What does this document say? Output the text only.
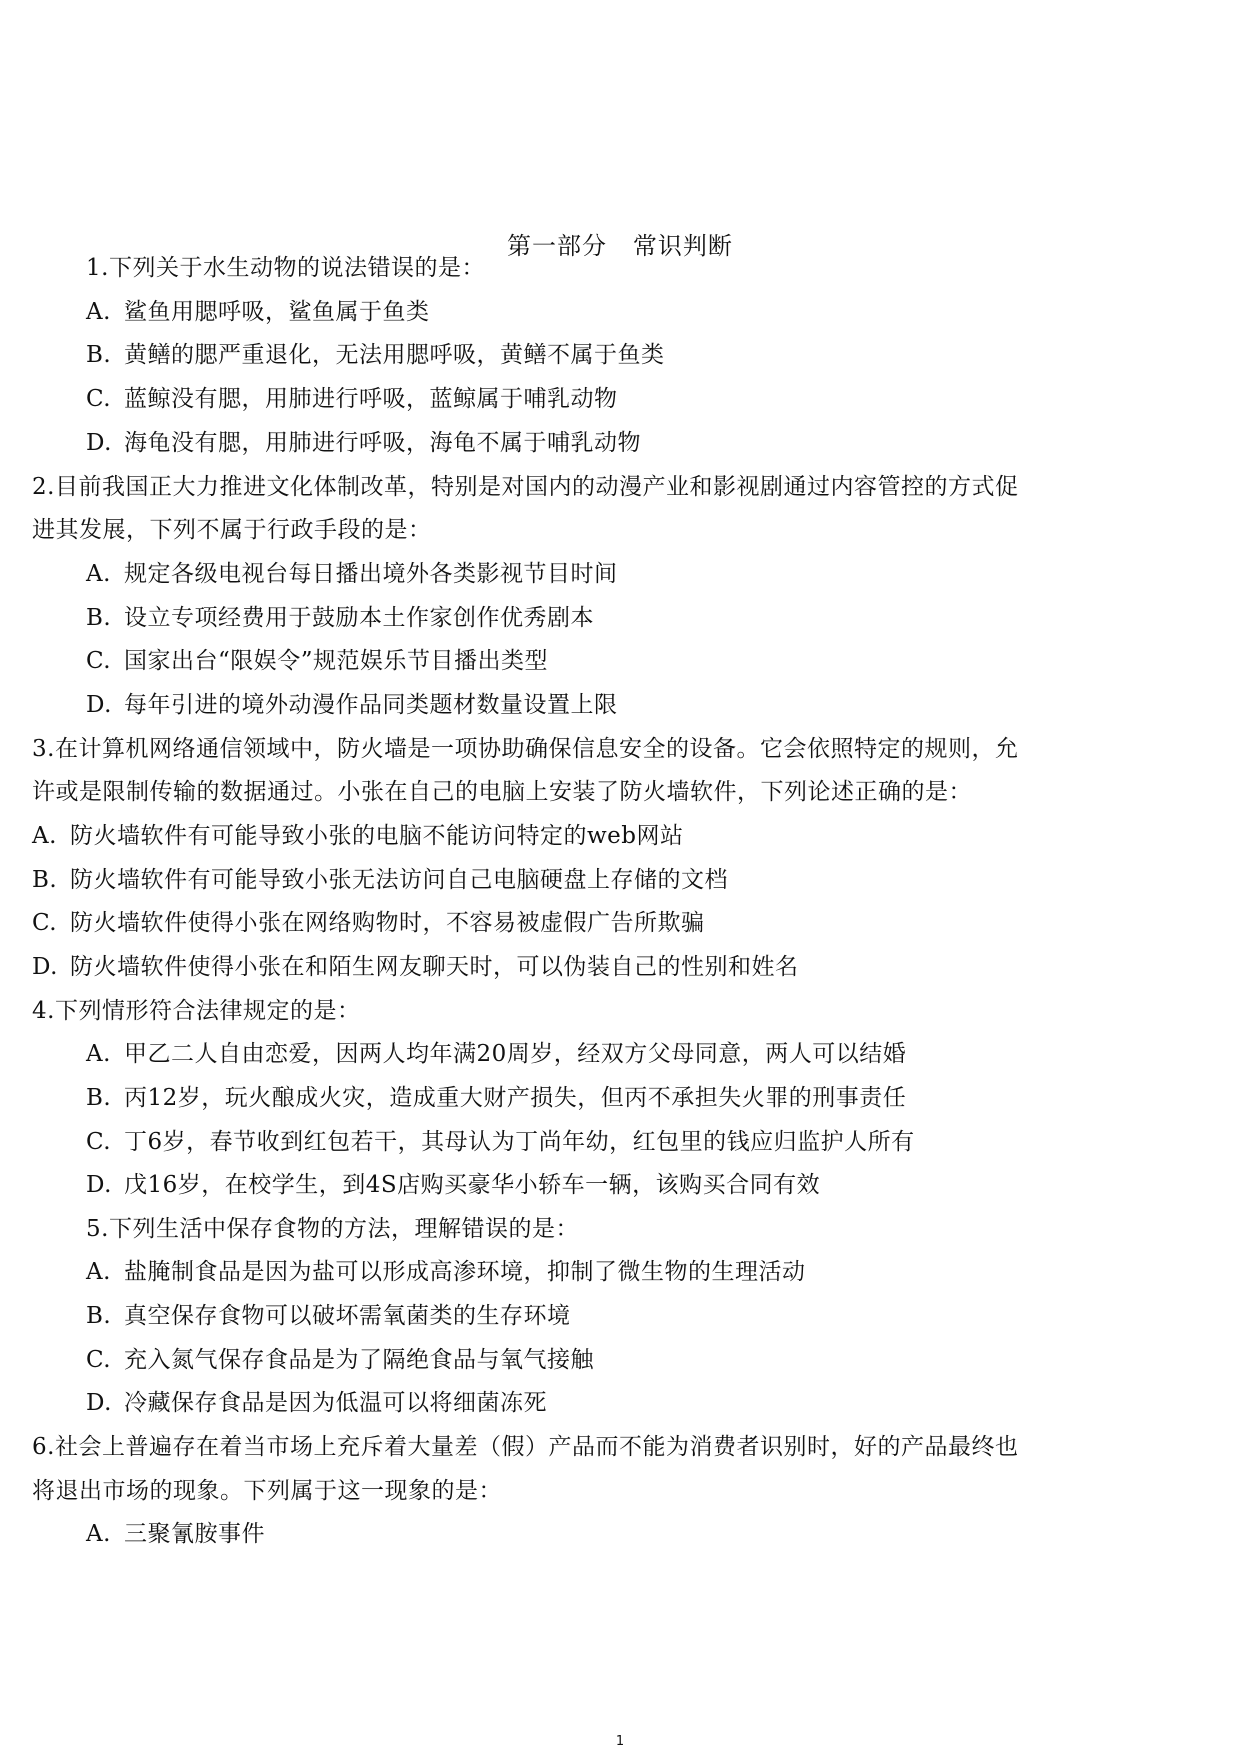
第一部分   常识判断
1.下列关于水生动物的说法错误的是：
A. 鲨鱼用腮呼吸，鲨鱼属于鱼类
B. 黄鳝的腮严重退化，无法用腮呼吸，黄鳝不属于鱼类
C. 蓝鲸没有腮，用肺进行呼吸，蓝鲸属于哺乳动物
D. 海龟没有腮，用肺进行呼吸，海龟不属于哺乳动物
2.目前我国正大力推进文化体制改革，特别是对国内的动漫产业和影视剧通过内容管控的方式促
进其发展，下列不属于行政手段的是：
A. 规定各级电视台每日播出境外各类影视节目时间
B. 设立专项经费用于鼓励本土作家创作优秀剧本
C. 国家出台“限娱令”规范娱乐节目播出类型
D. 每年引进的境外动漫作品同类题材数量设置上限
3.在计算机网络通信领域中，防火墙是一项协助确保信息安全的设备。它会依照特定的规则，允
许或是限制传输的数据通过。小张在自己的电脑上安装了防火墙软件，下列论述正确的是：
A. 防火墙软件有可能导致小张的电脑不能访问特定的web网站
B. 防火墙软件有可能导致小张无法访问自己电脑硬盘上存储的文档
C. 防火墙软件使得小张在网络购物时，不容易被虚假广告所欺骗
D. 防火墙软件使得小张在和陌生网友聊天时，可以伪装自己的性别和姓名
4.下列情形符合法律规定的是：
A. 甲乙二人自由恋爱，因两人均年满20周岁，经双方父母同意，两人可以结婚
B. 丙12岁，玩火酿成火灾，造成重大财产损失，但丙不承担失火罪的刑事责任
C. 丁6岁，春节收到红包若干，其母认为丁尚年幼，红包里的钱应归监护人所有
D. 戊16岁，在校学生，到4S店购买豪华小轿车一辆，该购买合同有效
5.下列生活中保存食物的方法，理解错误的是：
A. 盐腌制食品是因为盐可以形成高渗环境，抑制了微生物的生理活动
B. 真空保存食物可以破坏需氧菌类的生存环境
C. 充入氮气保存食品是为了隔绝食品与氧气接触
D. 冷藏保存食品是因为低温可以将细菌冻死
6.社会上普遍存在着当市场上充斥着大量差（假）产品而不能为消费者识别时，好的产品最终也
将退出市场的现象。下列属于这一现象的是：
A. 三聚氰胺事件
1
